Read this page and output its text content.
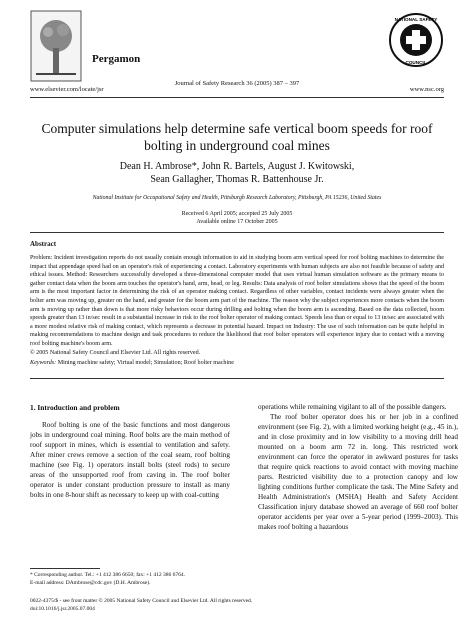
Pergamon
www.elsevier.com/locate/jsr
Journal of Safety Research 36 (2005) 387 – 397
www.nsc.org
NATIONAL SAFETY
COUNCIL
Computer simulations help determine safe vertical boom speeds for roof bolting in underground coal mines
Dean H. Ambrose*, John R. Bartels, August J. Kwitowski,
Sean Gallagher, Thomas R. Battenhouse Jr.
National Institute for Occupational Safety and Health, Pittsburgh Research Laboratory, Pittsburgh, PA 15236, United States
Received 6 April 2005; accepted 25 July 2005
Available online 17 October 2005
Abstract
Problem: Incident investigation reports do not usually contain enough information to aid in studying boom arm vertical speed for roof bolting machines to determine the impact that appendage speed had on an operator's risk of experiencing a contact. Laboratory experiments with human subjects are also not feasible because of safety and ethical issues. Method: Researchers successfully developed a three-dimensional computer model that uses virtual human simulation software as the primary means to gather contact data when the boom arm touches the operator's hand, arm, head, or leg. Results: Data analysis of roof bolter simulations shows that the speed of the boom arm is the most important factor in determining the risk of an operator making contact. Regardless of other variables, contact incidents were always greater when the bolter arm was moving up, greater on the hand, and greater for the boom arm part of the machine. The reason why the subject experiences more contacts when the boom arm is moving up rather than down is that more risky behaviors occur during drilling and bolting when the boom arm is ascending. Based on the data collected, boom speeds greater than 13 in/sec result in a substantial increase in risk to the roof bolter operator of making contact. Speeds less than or equal to 13 in/sec are associated with a more modest relative risk of making contact, which represents a decrease in potential hazard. Impact on Industry: The use of such information can be quite helpful in making recommendations to machine design and task procedures to reduce the likelihood that roof bolter operators will experience injury due to contact with a moving roof bolting machine's boom arm.
© 2005 National Safety Council and Elsevier Ltd. All rights reserved.
Keywords: Mining machine safety; Virtual model; Simulation; Roof bolter machine
1. Introduction and problem

Roof bolting is one of the basic functions and most dangerous jobs in underground coal mining. Roof bolts are the main method of roof support in mines, which is essential to ventilation and safety. After miner crews remove a section of the coal seam, roof bolting machine (see Fig. 1) operators install bolts (steel rods) to secure areas of the unsupported roof from caving in. The roof bolter operator is under constant production pressure to install as many bolts in one 8-hour shift as necessary to keep up with coal-cutting

operations while remaining vigilant to all of the possible dangers.

The roof bolter operator does his or her job in a confined environment (see Fig. 2), with a limited working height (e.g., 45 in.), and in close proximity and in low visibility to a moving drill head mounted on a boom arm 72 in. long. This restricted work environment can force the operator in awkward postures for tasks that require quick reactions to avoid contact with moving machine parts. Restricted visibility due to a protection canopy and low lighting conditions further complicate the task. The Mine Safety and Health Administration's (MSHA) Health and Safety Accident Classification injury database showed an average of 660 roof bolter operator accidents per year over a 5-year period (1999–2003). This makes roof bolting a hazardous

* Corresponding author. Tel.: +1 412 386 6650; fax: +1 412 386 6764.
E-mail address: DAmbrose@cdc.gov (D.H. Ambrose).
0022-4375/$ - see front matter © 2005 National Safety Council and Elsevier Ltd. All rights reserved.
doi:10.1016/j.jsr.2005.07.004
